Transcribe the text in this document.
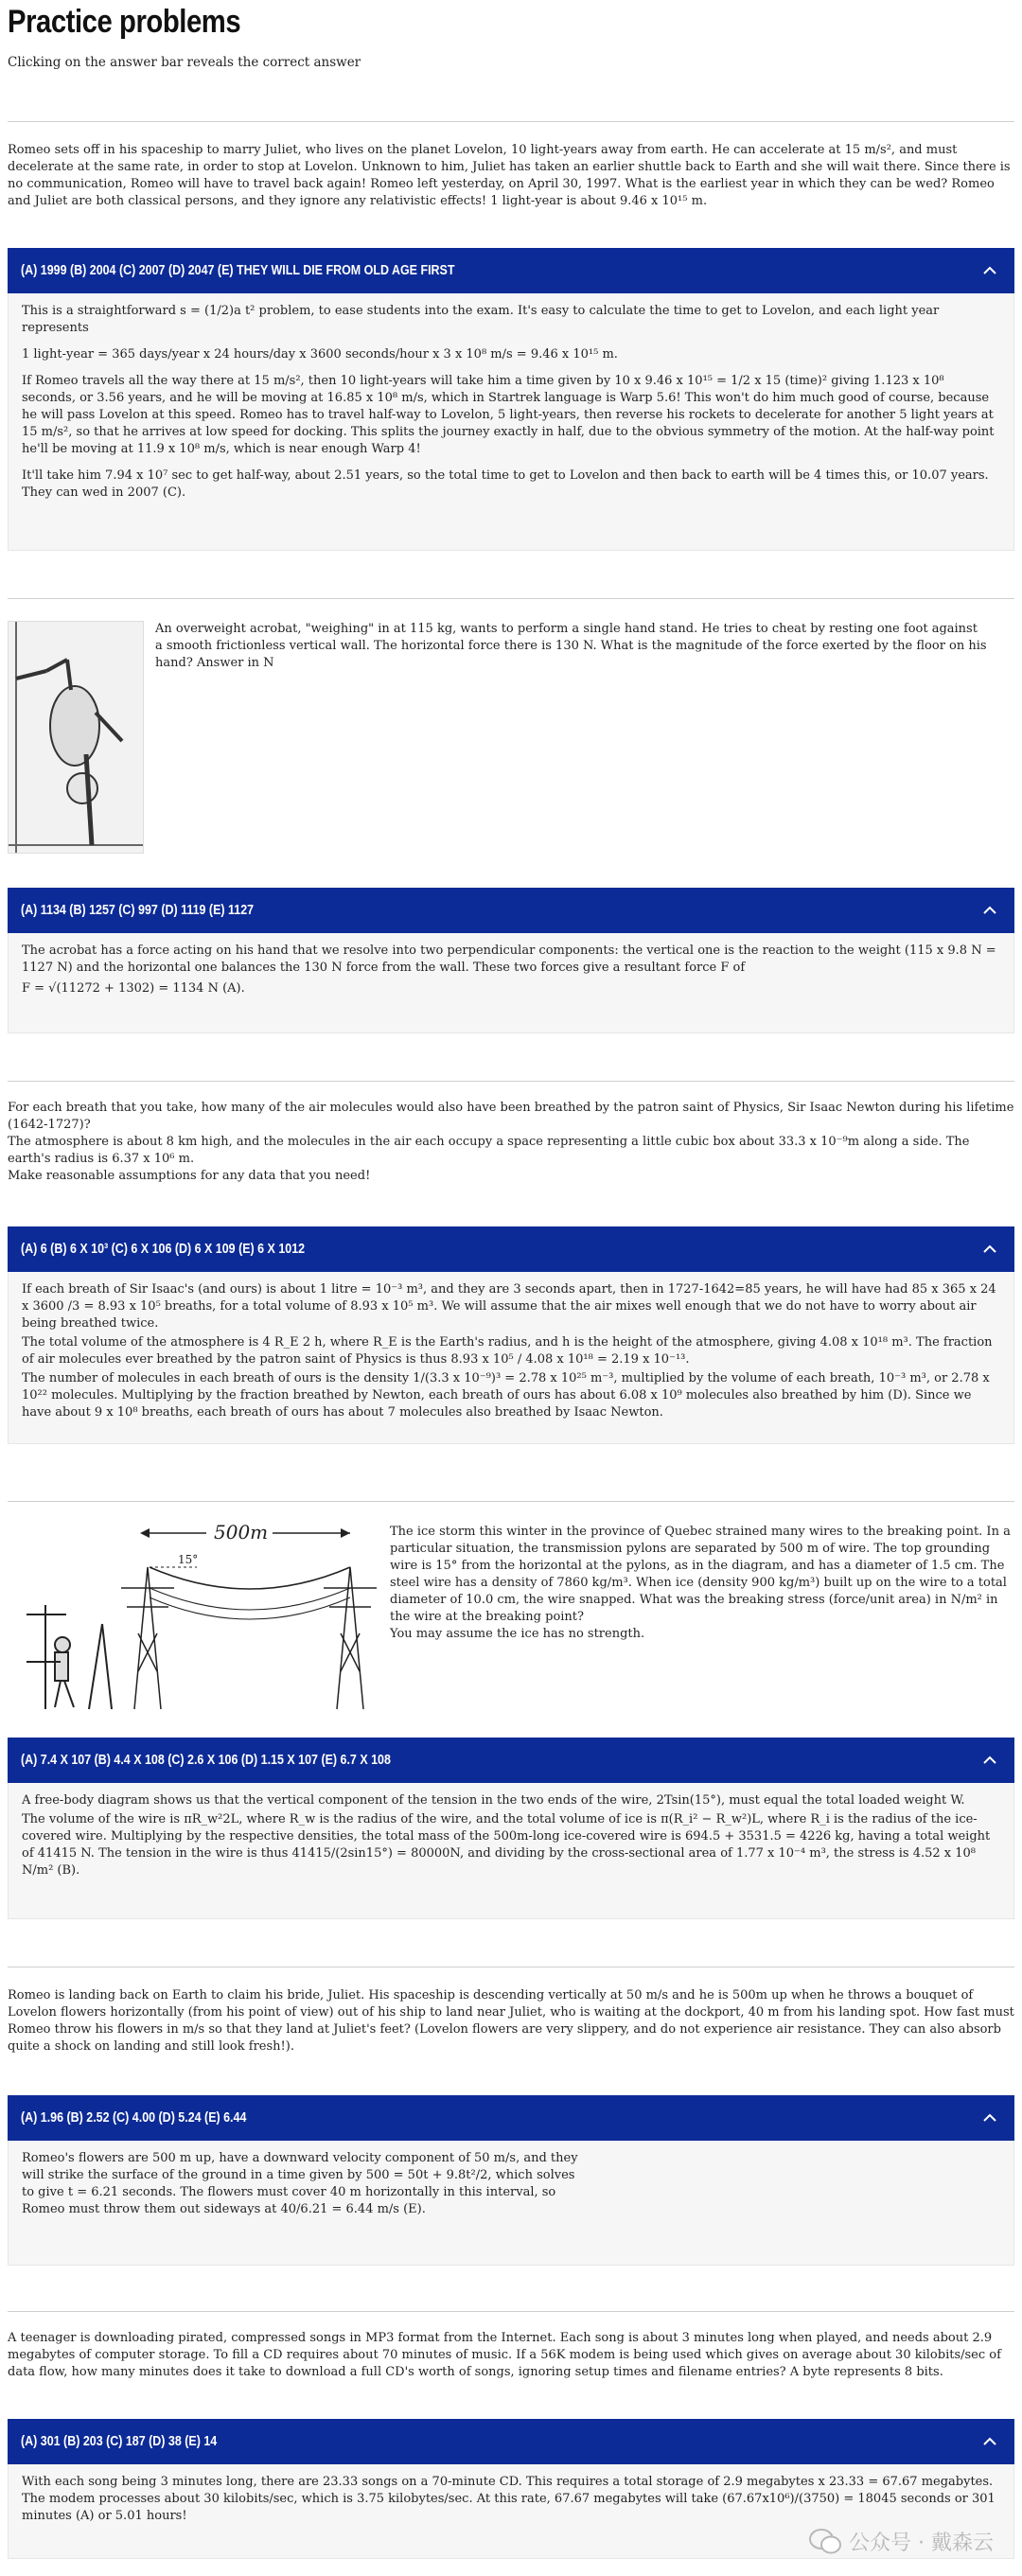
Practice problems
Clicking on the answer bar reveals the correct answer
Romeo sets off in his spaceship to marry Juliet, who lives on the planet Lovelon, 10 light-years away from earth. He can accelerate at 15 m/s², and must decelerate at the same rate, in order to stop at Lovelon. Unknown to him, Juliet has taken an earlier shuttle back to Earth and she will wait there. Since there is no communication, Romeo will have to travel back again! Romeo left yesterday, on April 30, 1997. What is the earliest year in which they can be wed? Romeo and Juliet are both classical persons, and they ignore any relativistic effects! 1 light-year is about 9.46 x 10¹⁵ m.
(A) 1999 (B) 2004 (C) 2007 (D) 2047 (E) THEY WILL DIE FROM OLD AGE FIRST

This is a straightforward s = (1/2)a t² problem, to ease students into the exam. It's easy to calculate the time to get to Lovelon, and each light year represents

1 light-year = 365 days/year x 24 hours/day x 3600 seconds/hour x 3 x 10⁸ m/s = 9.46 x 10¹⁵ m.

If Romeo travels all the way there at 15 m/s², then 10 light-years will take him a time given by 10 x 9.46 x 10¹⁵ = 1/2 x 15 (time)² giving 1.123 x 10⁸ seconds, or 3.56 years, and he will be moving at 16.85 x 10⁸ m/s, which in Startrek language is Warp 5.6! This won't do him much good of course, because he will pass Lovelon at this speed. Romeo has to travel half-way to Lovelon, 5 light-years, then reverse his rockets to decelerate for another 5 light years at 15 m/s², so that he arrives at low speed for docking. This splits the journey exactly in half, due to the obvious symmetry of the motion. At the half-way point he'll be moving at 11.9 x 10⁸ m/s, which is near enough Warp 4!

It'll take him 7.94 x 10⁷ sec to get half-way, about 2.51 years, so the total time to get to Lovelon and then back to earth will be 4 times this, or 10.07 years. They can wed in 2007 (C).

An overweight acrobat, "weighing" in at 115 kg, wants to perform a single hand stand. He tries to cheat by resting one foot against a smooth frictionless vertical wall. The horizontal force there is 130 N. What is the magnitude of the force exerted by the floor on his hand? Answer in N
(A) 1134 (B) 1257 (C) 997 (D) 1119 (E) 1127

The acrobat has a force acting on his hand that we resolve into two perpendicular components: the vertical one is the reaction to the weight (115 x 9.8 N = 1127 N) and the horizontal one balances the 130 N force from the wall. These two forces give a resultant force F of

F = √(11272 + 1302) = 1134 N (A).

For each breath that you take, how many of the air molecules would also have been breathed by the patron saint of Physics, Sir Isaac Newton during his lifetime (1642-1727)?
The atmosphere is about 8 km high, and the molecules in the air each occupy a space representing a little cubic box about 33.3 x 10⁻⁹m along a side. The earth's radius is 6.37 x 10⁶ m.
Make reasonable assumptions for any data that you need!
(A) 6 (B) 6 X 10³ (C) 6 X 106 (D) 6 X 109 (E) 6 X 1012

If each breath of Sir Isaac's (and ours) is about 1 litre = 10⁻³ m³, and they are 3 seconds apart, then in 1727-1642=85 years, he will have had 85 x 365 x 24 x 3600 /3 = 8.93 x 10⁵ breaths, for a total volume of 8.93 x 10⁵ m³. We will assume that the air mixes well enough that we do not have to worry about air being breathed twice.

The total volume of the atmosphere is 4 R_E 2 h, where R_E is the Earth's radius, and h is the height of the atmosphere, giving 4.08 x 10¹⁸ m³. The fraction of air molecules ever breathed by the patron saint of Physics is thus 8.93 x 10⁵ / 4.08 x 10¹⁸ = 2.19 x 10⁻¹³.

The number of molecules in each breath of ours is the density 1/(3.3 x 10⁻⁹)³ = 2.78 x 10²⁵ m⁻³, multiplied by the volume of each breath, 10⁻³ m³, or 2.78 x 10²² molecules. Multiplying by the fraction breathed by Newton, each breath of ours has about 6.08 x 10⁹ molecules also breathed by him (D). Since we have about 9 x 10⁸ breaths, each breath of ours has about 7 molecules also breathed by Isaac Newton.

500m
15°
The ice storm this winter in the province of Quebec strained many wires to the breaking point. In a particular situation, the transmission pylons are separated by 500 m of wire. The top grounding wire is 15° from the horizontal at the pylons, as in the diagram, and has a diameter of 1.5 cm. The steel wire has a density of 7860 kg/m³. When ice (density 900 kg/m³) built up on the wire to a total diameter of 10.0 cm, the wire snapped. What was the breaking stress (force/unit area) in N/m² in the wire at the breaking point?
You may assume the ice has no strength.
(A) 7.4 X 107 (B) 4.4 X 108 (C) 2.6 X 106 (D) 1.15 X 107 (E) 6.7 X 108

A free-body diagram shows us that the vertical component of the tension in the two ends of the wire, 2Tsin(15°), must equal the total loaded weight W.

The volume of the wire is πR_w²2L, where R_w is the radius of the wire, and the total volume of ice is π(R_i² − R_w²)L, where R_i is the radius of the ice-covered wire. Multiplying by the respective densities, the total mass of the 500m-long ice-covered wire is 694.5 + 3531.5 = 4226 kg, having a total weight of 41415 N. The tension in the wire is thus 41415/(2sin15°) = 80000N, and dividing by the cross-sectional area of 1.77 x 10⁻⁴ m³, the stress is 4.52 x 10⁸ N/m² (B).

Romeo is landing back on Earth to claim his bride, Juliet. His spaceship is descending vertically at 50 m/s and he is 500m up when he throws a bouquet of Lovelon flowers horizontally (from his point of view) out of his ship to land near Juliet, who is waiting at the dockport, 40 m from his landing spot. How fast must Romeo throw his flowers in m/s so that they land at Juliet's feet? (Lovelon flowers are very slippery, and do not experience air resistance. They can also absorb quite a shock on landing and still look fresh!).
(A) 1.96 (B) 2.52 (C) 4.00 (D) 5.24 (E) 6.44

Romeo's flowers are 500 m up, have a downward velocity component of 50 m/s, and they will strike the surface of the ground in a time given by 500 = 50t + 9.8t²/2, which solves to give t = 6.21 seconds. The flowers must cover 40 m horizontally in this interval, so Romeo must throw them out sideways at 40/6.21 = 6.44 m/s (E).

A teenager is downloading pirated, compressed songs in MP3 format from the Internet. Each song is about 3 minutes long when played, and needs about 2.9 megabytes of computer storage. To fill a CD requires about 70 minutes of music. If a 56K modem is being used which gives on average about 30 kilobits/sec of data flow, how many minutes does it take to download a full CD's worth of songs, ignoring setup times and filename entries? A byte represents 8 bits.
(A) 301 (B) 203 (C) 187 (D) 38 (E) 14

With each song being 3 minutes long, there are 23.33 songs on a 70-minute CD. This requires a total storage of 2.9 megabytes x 23.33 = 67.67 megabytes. The modem processes about 30 kilobits/sec, which is 3.75 kilobytes/sec. At this rate, 67.67 megabytes will take (67.67x10⁶)/(3750) = 18045 seconds or 301 minutes (A) or 5.01 hours!

公众号 · 戴森云
